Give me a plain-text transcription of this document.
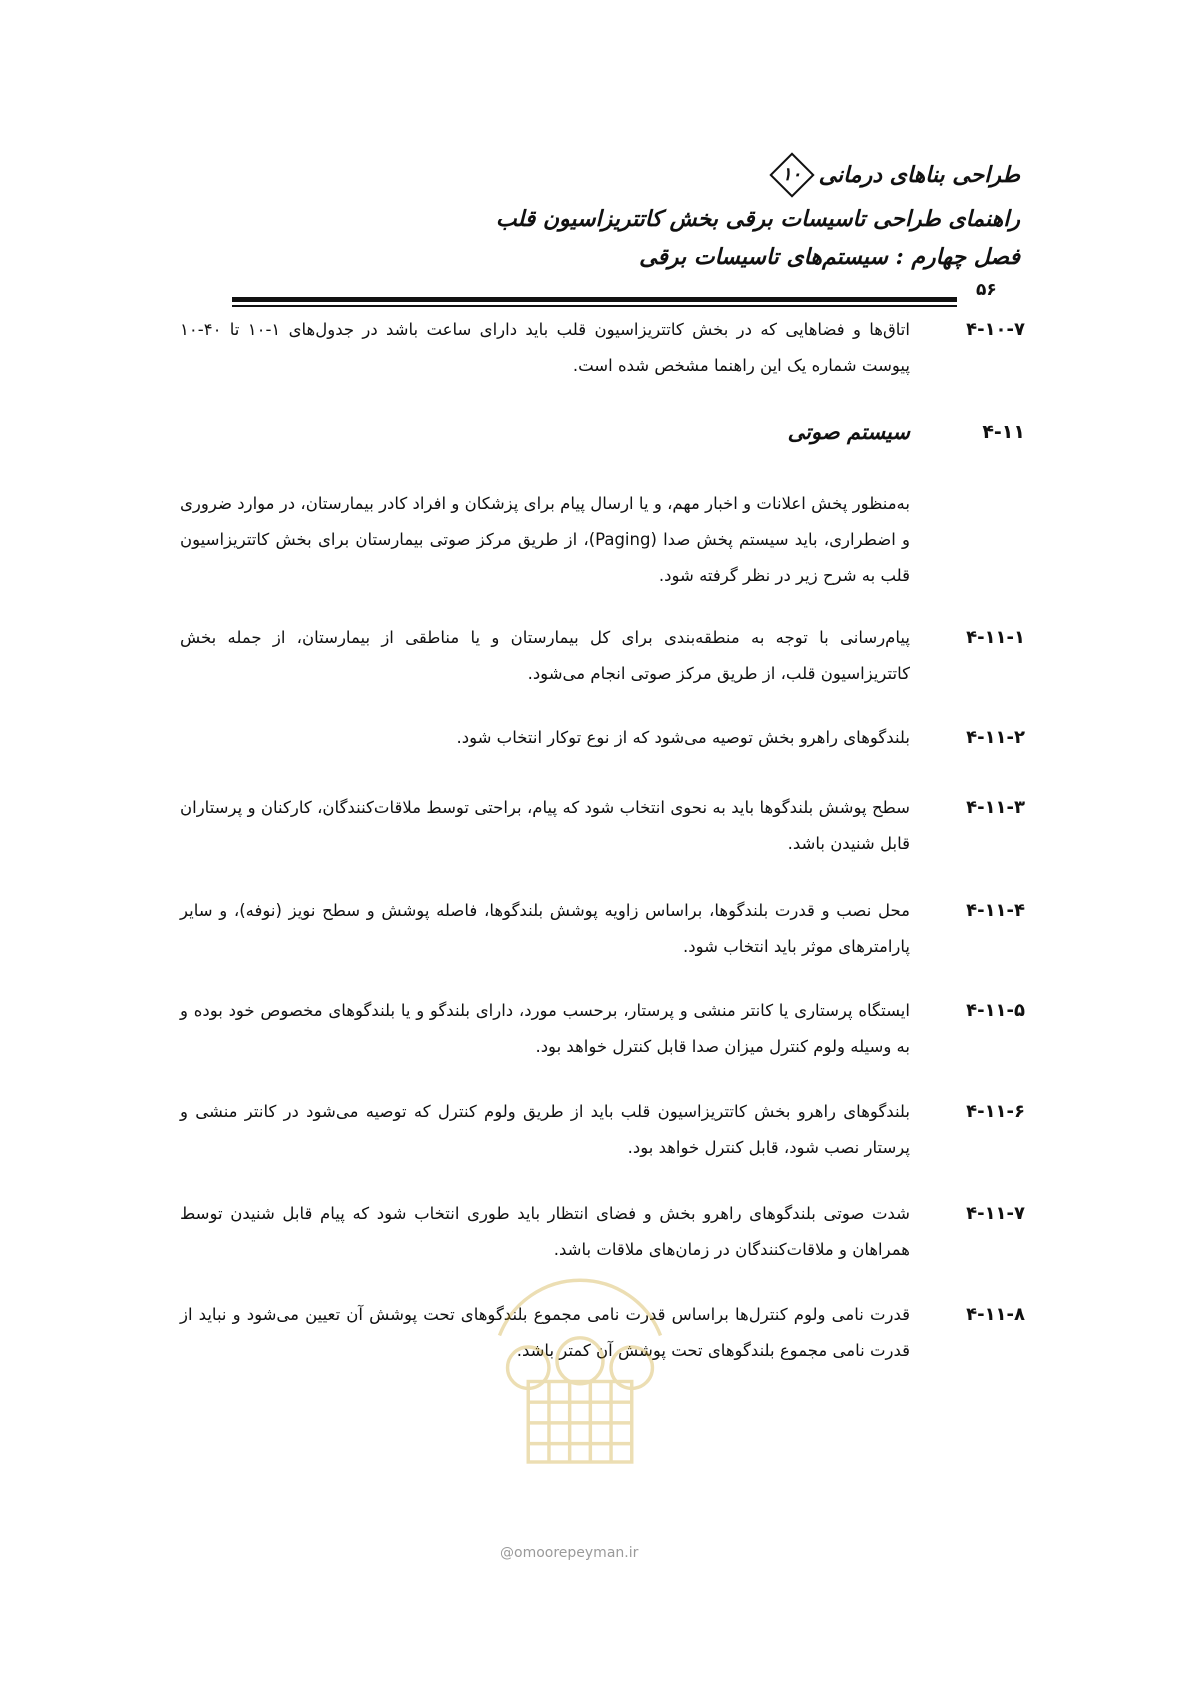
طراحی بناهای درمانی
۱۰
راهنمای طراحی تاسیسات برقی بخش کاتتریزاسیون قلب
فصل چهارم : سیستم‌های تاسیسات برقی
۵۶
۴-۱۰-۷
اتاق‌ها و فضاهایی که در بخش کاتتریزاسیون قلب باید دارای ساعت باشد در جدول‌های ۱-۱۰ تا ۴۰-۱۰ پیوست شماره یک این راهنما مشخص شده است.
۴-۱۱
سیستم صوتی
به‌منظور پخش اعلانات و اخبار مهم، و یا ارسال پیام برای پزشکان و افراد کادر بیمارستان، در موارد ضروری و اضطراری، باید سیستم پخش صدا (Paging)، از طریق مرکز صوتی بیمارستان برای بخش کاتتریزاسیون قلب به شرح زیر در نظر گرفته شود.
۴-۱۱-۱
پیام‌رسانی با توجه به منطقه‌بندی برای کل بیمارستان و یا مناطقی از بیمارستان، از جمله بخش کاتتریزاسیون قلب، از طریق مرکز صوتی انجام می‌شود.
۴-۱۱-۲
بلندگوهای راهرو بخش توصیه می‌شود که از نوع توکار انتخاب شود.
۴-۱۱-۳
سطح پوشش بلندگوها باید به نحوی انتخاب شود که پیام، براحتی توسط ملاقات‌کنندگان، کارکنان و پرستاران قابل شنیدن باشد.
۴-۱۱-۴
محل نصب و قدرت بلندگوها، براساس زاویه پوشش بلندگوها، فاصله پوشش و سطح نویز (نوفه)، و سایر پارامترهای موثر باید انتخاب شود.
۴-۱۱-۵
ایستگاه پرستاری یا کانتر منشی و پرستار، برحسب مورد، دارای بلندگو و یا بلندگوهای مخصوص خود بوده و به وسیله ولوم کنترل میزان صدا قابل کنترل خواهد بود.
۴-۱۱-۶
بلندگوهای راهرو بخش کاتتریزاسیون قلب باید از طریق ولوم کنترل که توصیه می‌شود در کانتر منشی و پرستار نصب شود، قابل کنترل خواهد بود.
۴-۱۱-۷
شدت صوتی بلندگوهای راهرو بخش و فضای انتظار باید طوری انتخاب شود که پیام قابل شنیدن توسط همراهان و ملاقات‌کنندگان در زمان‌های ملاقات باشد.
۴-۱۱-۸
قدرت نامی ولوم کنترل‌ها براساس قدرت نامی مجموع بلندگوهای تحت پوشش آن تعیین می‌شود و نباید از قدرت نامی مجموع بلندگوهای تحت پوشش آن کمتر باشد.
@omoorepeyman.ir
